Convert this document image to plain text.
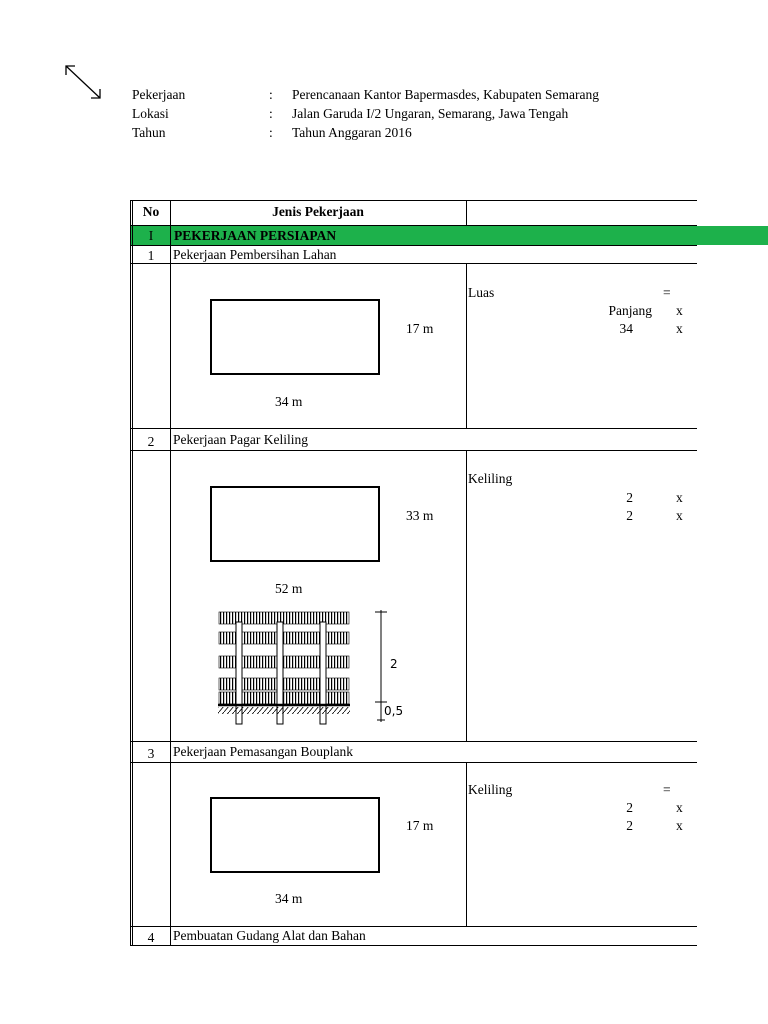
Pekerjaan	: Perencanaan Kantor Bapermasdes, Kabupaten Semarang
Lokasi	: Jalan Garuda I/2 Ungaran, Semarang, Jawa Tengah
Tahun	: Tahun Anggaran 2016
No	Jenis Pekerjaan
I	PEKERJAAN PERSIAPAN
1	Pekerjaan Pembersihan Lahan
17 m
34 m
Luas	=
Panjang x
34	x
2	Pekerjaan Pagar Keliling
33 m
52 m
Keliling
2	x
2	x
2
0,5
3	Pekerjaan Pemasangan Bouplank
17 m
34 m
Keliling	=
2	x
2	x
4	Pembuatan Gudang Alat dan Bahan
